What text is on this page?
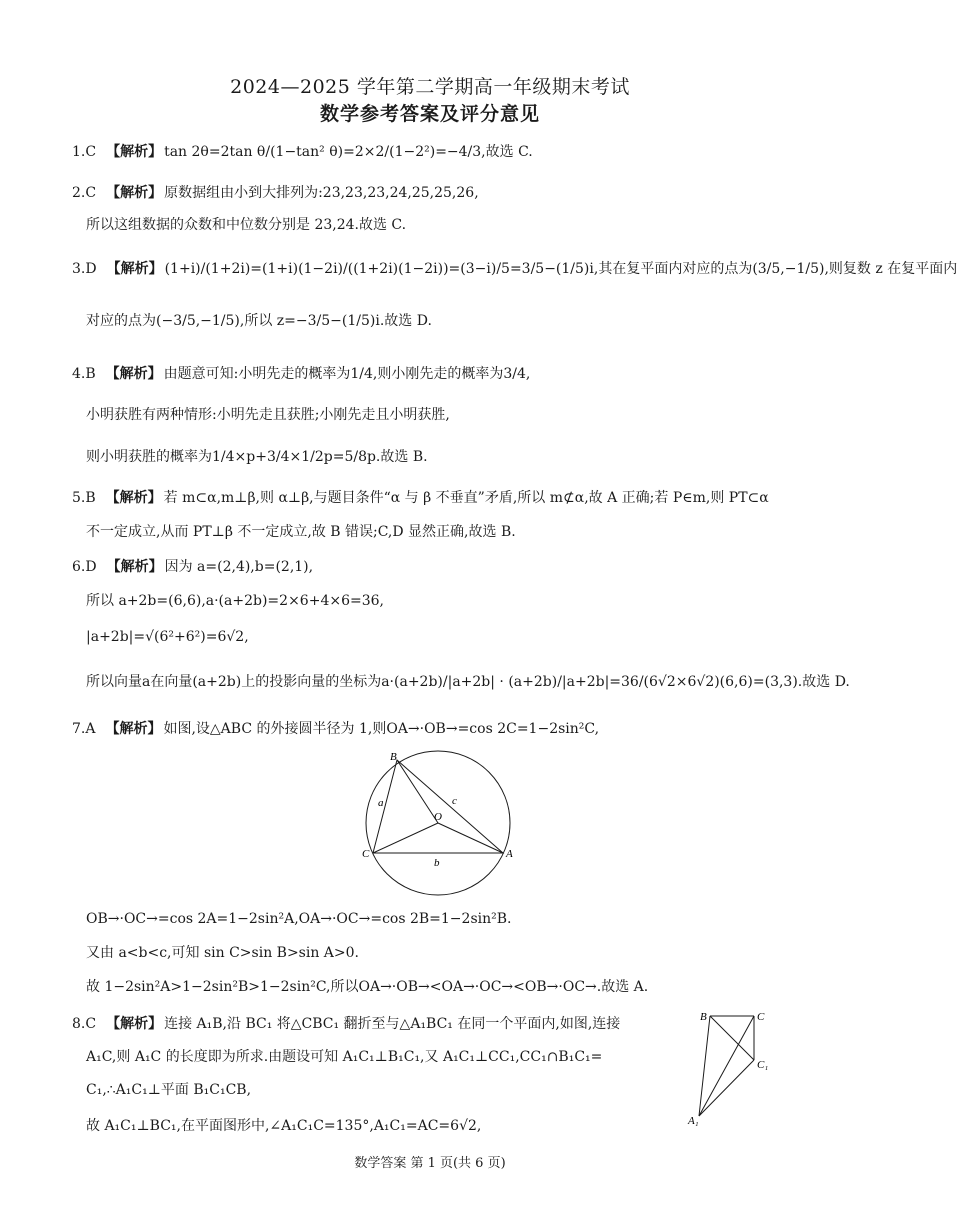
2024—2025 学年第二学期高一年级期末考试
数学参考答案及评分意见
1.C 【解析】 tan 2θ=2tan θ/(1−tan² θ)=2×2/(1−2²)=−4/3,故选 C.
2.C 【解析】 原数据组由小到大排列为:23,23,23,24,25,25,26,
所以这组数据的众数和中位数分别是 23,24.故选 C.
3.D 【解析】 (1+i)/(1+2i)=(1+i)(1−2i)/((1+2i)(1−2i))=(3−i)/5=3/5−(1/5)i,其在复平面内对应的点为(3/5,−1/5),则复数 z 在复平面内
对应的点为(−3/5,−1/5),所以 z=−3/5−(1/5)i.故选 D.
4.B 【解析】 由题意可知:小明先走的概率为1/4,则小刚先走的概率为3/4,
小明获胜有两种情形:小明先走且获胜;小刚先走且小明获胜,
则小明获胜的概率为1/4×p+3/4×1/2p=5/8p.故选 B.
5.B 【解析】 若 m⊂α,m⊥β,则 α⊥β,与题目条件“α 与 β 不垂直”矛盾,所以 m⊄α,故 A 正确;若 P∈m,则 PT⊂α
不一定成立,从而 PT⊥β 不一定成立,故 B 错误;C,D 显然正确,故选 B.
6.D 【解析】 因为 a=(2,4),b=(2,1),
所以 a+2b=(6,6),a·(a+2b)=2×6+4×6=36,
|a+2b|=√(6²+6²)=6√2,
所以向量a在向量(a+2b)上的投影向量的坐标为a·(a+2b)/|a+2b| · (a+2b)/|a+2b|=36/(6√2×6√2)(6,6)=(3,3).故选 D.
7.A 【解析】 如图,设△ABC 的外接圆半径为 1,则OA→·OB→=cos 2C=1−2sin²C,
B
C	A
O
a
b
c
OB→·OC→=cos 2A=1−2sin²A,OA→·OC→=cos 2B=1−2sin²B.
又由 a<b<c,可知 sin C>sin B>sin A>0.
故 1−2sin²A>1−2sin²B>1−2sin²C,所以OA→·OB→<OA→·OC→<OB→·OC→.故选 A.
8.C 【解析】 连接 A₁B,沿 BC₁ 将△CBC₁ 翻折至与△A₁BC₁ 在同一个平面内,如图,连接
A₁C,则 A₁C 的长度即为所求.由题设可知 A₁C₁⊥B₁C₁,又 A₁C₁⊥CC₁,CC₁∩B₁C₁=
C₁,∴A₁C₁⊥平面 B₁C₁CB,
故 A₁C₁⊥BC₁,在平面图形中,∠A₁C₁C=135°,A₁C₁=AC=6√2,
B	C
C₁
A₁
数学答案 第 1 页(共 6 页)
